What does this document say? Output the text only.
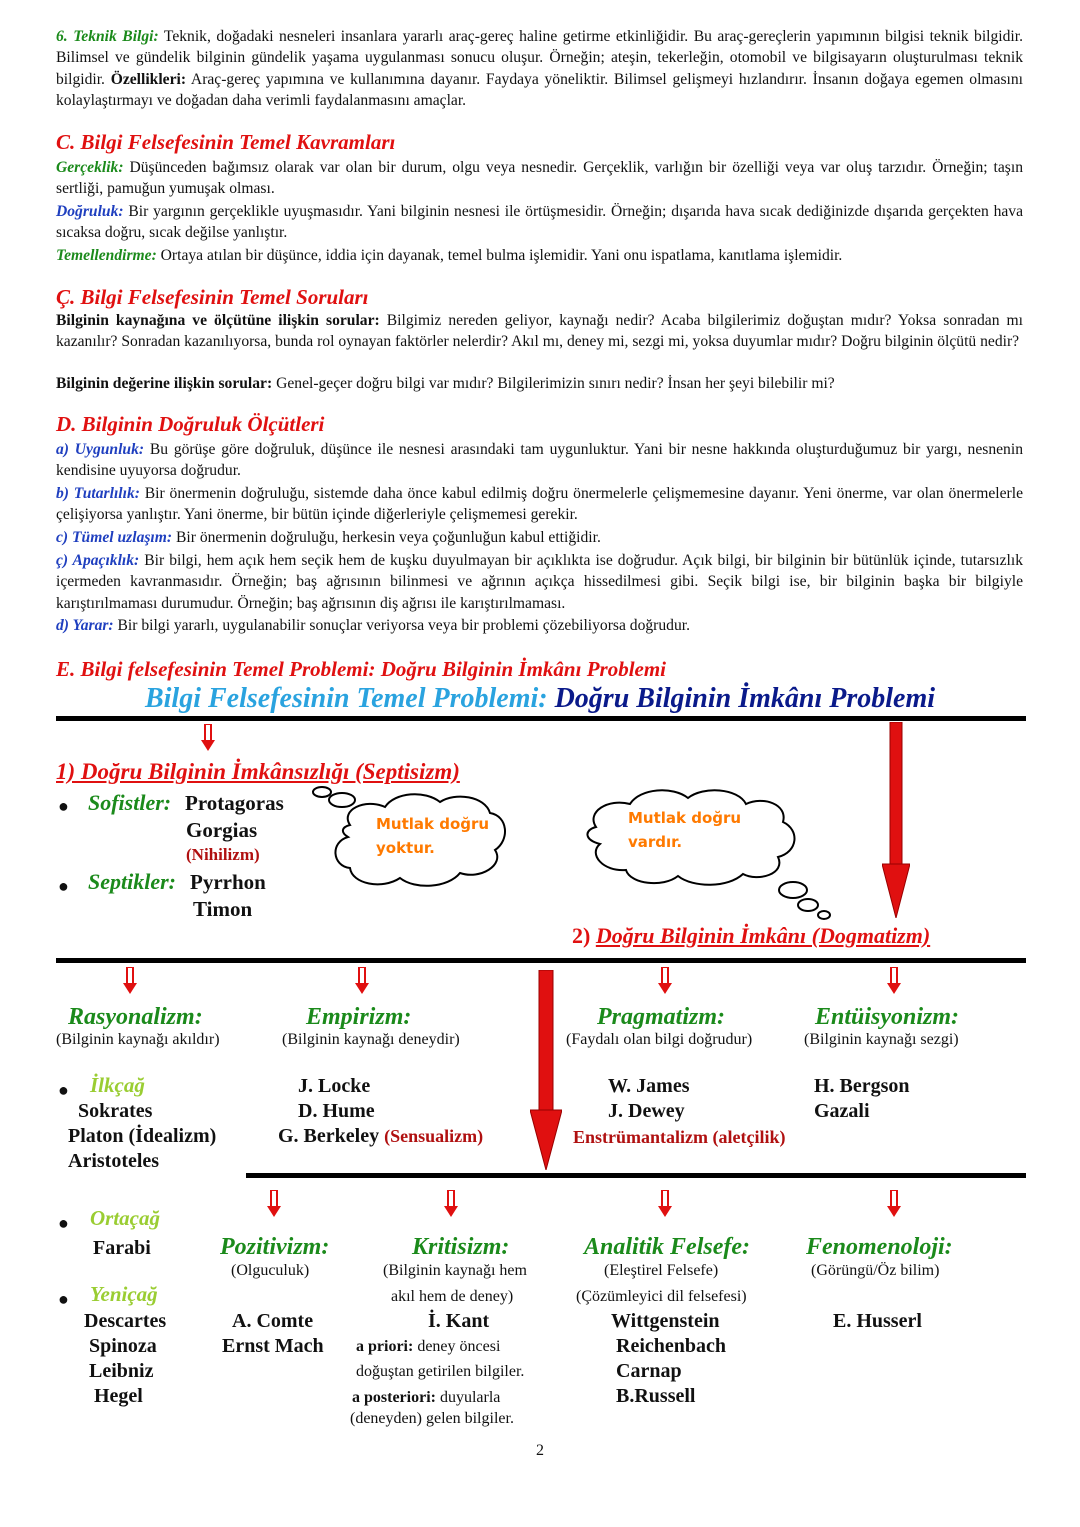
6. Teknik Bilgi: Teknik, doğadaki nesneleri insanlara yararlı araç-gereç haline getirme etkinliğidir. Bu araç-gereçlerin yapımının bilgisi teknik bilgidir. Bilimsel ve gündelik bilginin gündelik yaşama uygulanması sonucu oluşur. Örneğin; ateşin, tekerleğin, otomobil ve bilgisayarın oluşturulması teknik bilgidir. Özellikleri: Araç-gereç yapımına ve kullanımına dayanır. Faydaya yöneliktir. Bilimsel gelişmeyi hızlandırır. İnsanın doğaya egemen olmasını kolaylaştırmayı ve doğadan daha verimli faydalanmasını amaçlar.
C. Bilgi Felsefesinin Temel Kavramları
Gerçeklik: Düşünceden bağımsız olarak var olan bir durum, olgu veya nesnedir. Gerçeklik, varlığın bir özelliği veya var oluş tarzıdır. Örneğin; taşın sertliği, pamuğun yumuşak olması.
Doğruluk: Bir yargının gerçeklikle uyuşmasıdır. Yani bilginin nesnesi ile örtüşmesidir. Örneğin; dışarıda hava sıcak dediğinizde dışarıda gerçekten hava sıcaksa doğru, sıcak değilse yanlıştır.
Temellendirme: Ortaya atılan bir düşünce, iddia için dayanak, temel bulma işlemidir. Yani onu ispatlama, kanıtlama işlemidir.
Ç. Bilgi Felsefesinin Temel Soruları
Bilginin kaynağına ve ölçütüne ilişkin sorular: Bilgimiz nereden geliyor, kaynağı nedir? Acaba bilgilerimiz doğuştan mıdır? Yoksa sonradan mı kazanılır? Sonradan kazanılıyorsa, bunda rol oynayan faktörler nelerdir? Akıl mı, deney mi, sezgi mi, yoksa duyumlar mıdır? Doğru bilginin ölçütü nedir?
Bilginin değerine ilişkin sorular: Genel-geçer doğru bilgi var mıdır? Bilgilerimizin sınırı nedir? İnsan her şeyi bilebilir mi?
D. Bilginin Doğruluk Ölçütleri
a) Uygunluk: Bu görüşe göre doğruluk, düşünce ile nesnesi arasındaki tam uygunluktur. Yani bir nesne hakkında oluşturduğumuz bir yargı, nesnenin kendisine uyuyorsa doğrudur.
b) Tutarlılık: Bir önermenin doğruluğu, sistemde daha önce kabul edilmiş doğru önermelerle çelişmemesine dayanır. Yeni önerme, var olan önermelerle çelişiyorsa yanlıştır. Yani önerme, bir bütün içinde diğerleriyle çelişmemesi gerekir.
c) Tümel uzlaşım: Bir önermenin doğruluğu, herkesin veya çoğunluğun kabul ettiğidir.
ç) Apaçıklık: Bir bilgi, hem açık hem seçik hem de kuşku duyulmayan bir açıklıkta ise doğrudur. Açık bilgi, bir bilginin bir bütünlük içinde, tutarsızlık içermeden kavranmasıdır. Örneğin; baş ağrısının bilinmesi ve ağrının açıkça hissedilmesi gibi. Seçik bilgi ise, bir bilginin başka bir bilgiyle karıştırılmaması durumudur. Örneğin; baş ağrısının diş ağrısı ile karıştırılmaması.
d) Yarar: Bir bilgi yararlı, uygulanabilir sonuçlar veriyorsa veya bir problemi çözebiliyorsa doğrudur.
E. Bilgi felsefesinin Temel Problemi: Doğru Bilginin İmkânı Problemi
Bilgi Felsefesinin Temel Problemi: Doğru Bilginin İmkânı Problemi
1) Doğru Bilginin İmkânsızlığı (Septisizm)
● Sofistler: Protagoras
Gorgias
(Nihilizm)
● Septikler: Pyrrhon
Timon
Mutlak doğru
yoktur.
Mutlak doğru
vardır.
2) Doğru Bilginin İmkânı (Dogmatizm)
Rasyonalizm:
(Bilginin kaynağı akıldır)
Empirizm:
(Bilginin kaynağı deneydir)
Pragmatizm:
(Faydalı olan bilgi doğrudur)
Entüisyonizm:
(Bilginin kaynağı sezgi)
● İlkçağ
Sokrates
Platon (İdealizm)
Aristoteles
J. Locke
D. Hume
G. Berkeley (Sensualizm)
W. James
J. Dewey
Enstrümantalizm (aletçilik)
H. Bergson
Gazali
● Ortaçağ
Farabi
● Yeniçağ
Descartes
Spinoza
Leibniz
Hegel
Pozitivizm:
(Olguculuk)
A. Comte
Ernst Mach
Kritisizm:
(Bilginin kaynağı hem
akıl hem de deney)
İ. Kant
a priori: deney öncesi
doğuştan getirilen bilgiler.
a posteriori: duyularla
(deneyden) gelen bilgiler.
Analitik Felsefe:
(Eleştirel Felsefe)
(Çözümleyici dil felsefesi)
Wittgenstein
Reichenbach
Carnap
B.Russell
Fenomenoloji:
(Görüngü/Öz bilim)
E. Husserl
2
